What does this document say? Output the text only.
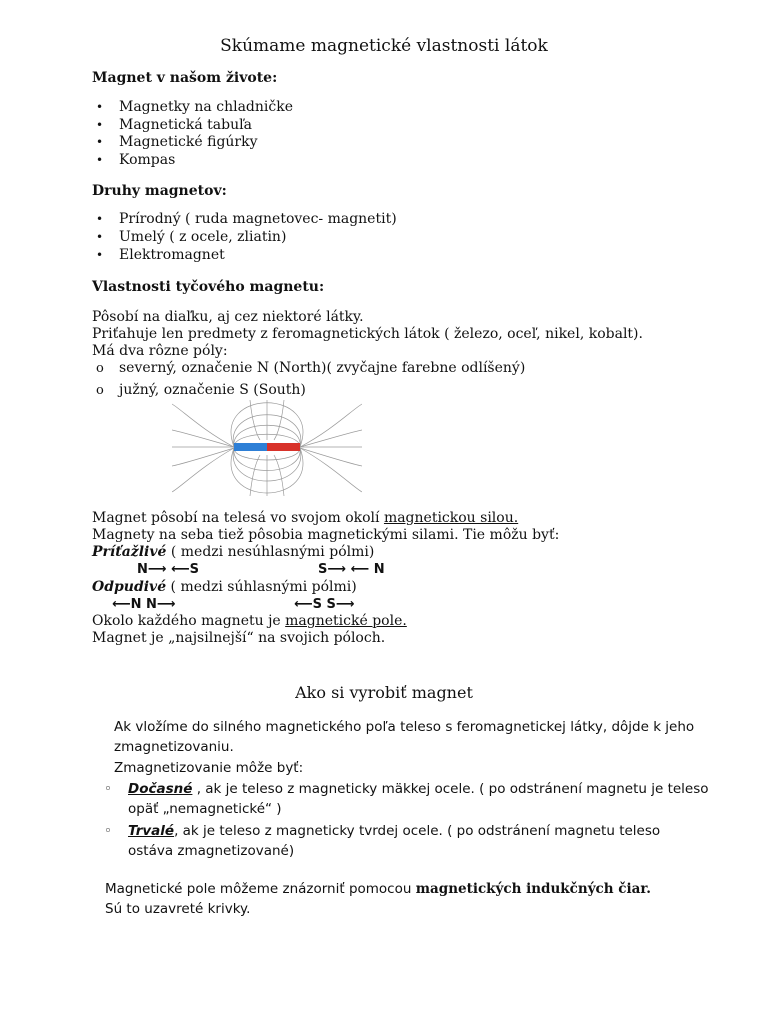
Skúmame magnetické vlastnosti látok
Magnet v našom živote:
• Magnetky na chladničke
• Magnetická tabuľa
• Magnetické figúrky
• Kompas
Druhy magnetov:
• Prírodný ( ruda magnetovec- magnetit)
• Umelý ( z ocele, zliatin)
• Elektromagnet
Vlastnosti tyčového magnetu:
Pôsobí na diaľku, aj cez niektoré látky.
Priťahuje len predmety z feromagnetických látok ( železo, oceľ, nikel, kobalt).
Má dva rôzne póly:
o severný, označenie N (North)( zvyčajne farebne odlíšený)
o južný, označenie S (South)
Magnet pôsobí na telesá vo svojom okolí magnetickou silou.
Magnety na seba tiež pôsobia magnetickými silami. Tie môžu byť:
Príťažlivé ( medzi nesúhlasnými pólmi)
N⟶ ⟵S	S⟶ ⟵ N
Odpudivé ( medzi súhlasnými pólmi)
⟵N N⟶	⟵S S⟶
Okolo každého magnetu je magnetické pole.
Magnet je „najsilnejší“ na svojich póloch.
Ako si vyrobiť magnet
Ak vložíme do silného magnetického poľa teleso s feromagnetickej látky, dôjde k jeho
zmagnetizovaniu.
Zmagnetizovanie môže byť:
◦ Dočasné , ak je teleso z magneticky mäkkej ocele. ( po odstránení magnetu je teleso
opäť „nemagnetické“ )
◦ Trvalé, ak je teleso z magneticky tvrdej ocele. ( po odstránení magnetu teleso
ostáva zmagnetizované)
Magnetické pole môžeme znázorniť pomocou magnetických indukčných čiar.
Sú to uzavreté krivky.
